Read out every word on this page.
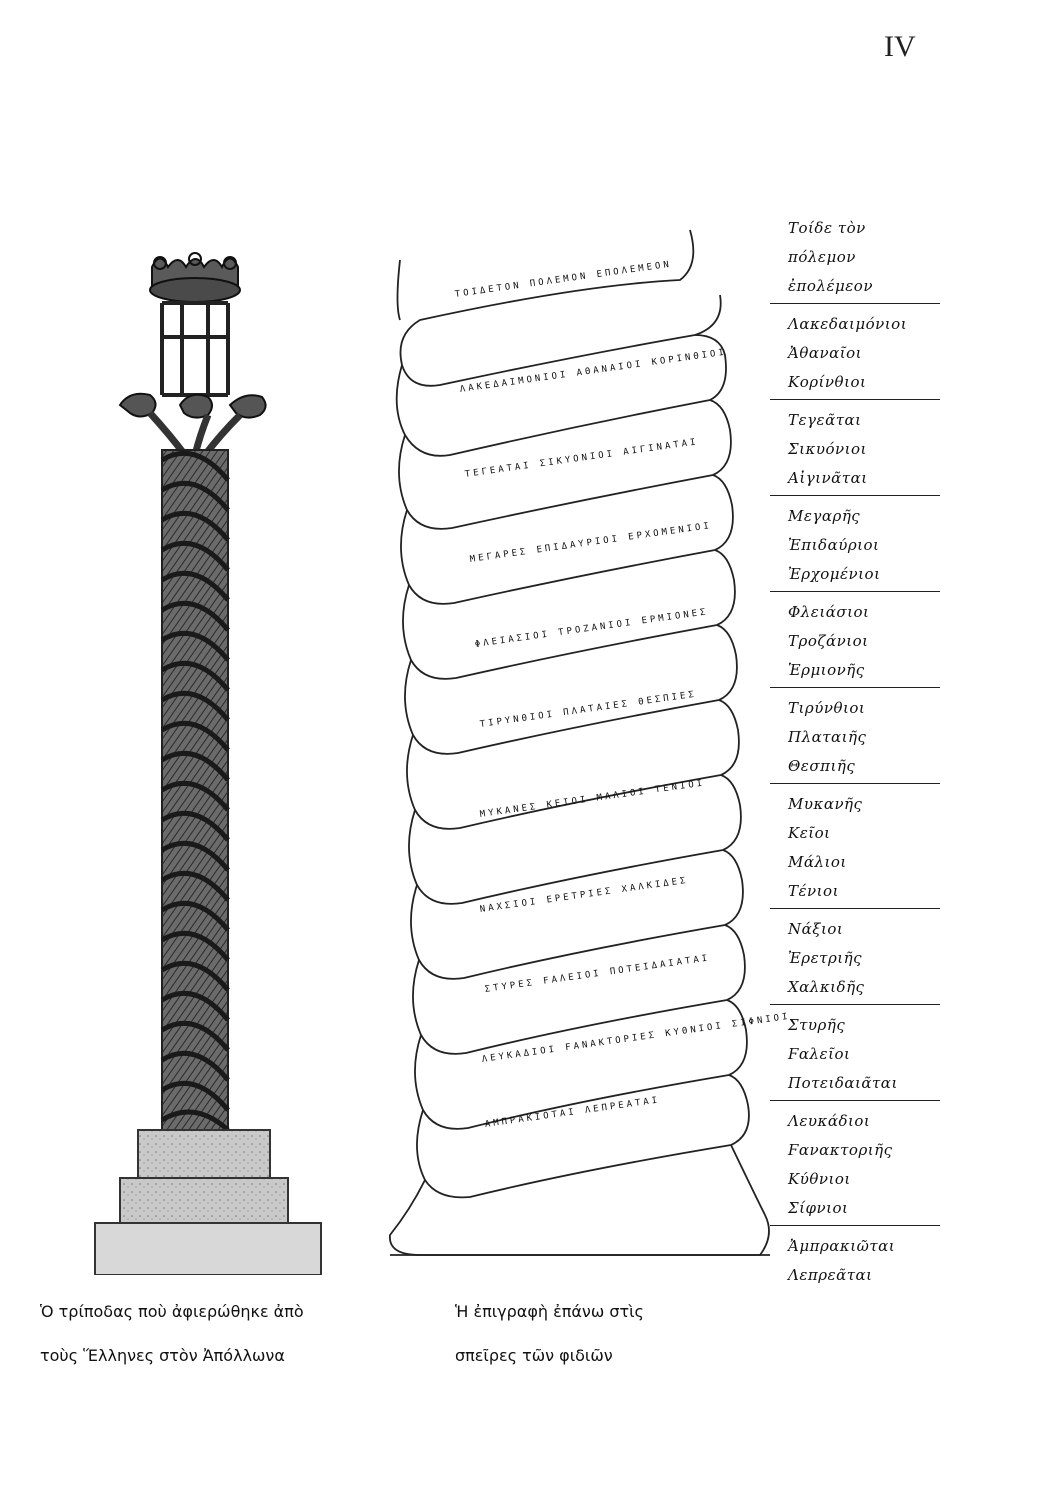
IV
ΤΟΙΔΕΤΟΝ ΠΟΛΕΜΟΝ ΕΠΟΛΕΜΕΟΝ
ΛΑΚΕΔΑΙΜΟΝΙΟΙ ΑΘΑΝΑΙΟΙ ΚΟΡΙΝΘΙΟΙ
ΤΕΓΕΑΤΑΙ ΣΙΚΥΟΝΙΟΙ ΑΙΓΙΝΑΤΑΙ
ΜΕΓΑΡΕΣ ΕΠΙΔΑΥΡΙΟΙ ΕΡΧΟΜΕΝΙΟΙ
ΦΛΕΙΑΣΙΟΙ ΤΡΟΖΑΝΙΟΙ ΕΡΜΙΟΝΕΣ
ΤΙΡΥΝΘΙΟΙ ΠΛΑΤΑΙΕΣ ΘΕΣΠΙΕΣ
ΜΥΚΑΝΕΣ ΚΕΙΟΙ ΜΑΛΙΟΙ ΤΕΝΙΟΙ
ΝΑΧΣΙΟΙ ΕΡΕΤΡΙΕΣ ΧΑΛΚΙΔΕΣ
ΣΤΥΡΕΣ ϜΑΛΕΙΟΙ ΠΟΤΕΙΔΑΙΑΤΑΙ
ΛΕΥΚΑΔΙΟΙ ϜΑΝΑΚΤΟΡΙΕΣ ΚΥΘΝΙΟΙ ΣΙΦΝΙΟΙ
ΑΜΠΡΑΚΙΟΤΑΙ ΛΕΠΡΕΑΤΑΙ
Τοίδε τὸν
πόλεμον
ἐπολέμεον
Λακεδαιμόνιοι
Ἀθαναῖοι
Κορίνθιοι
Τεγεᾶται
Σικυόνιοι
Αἰγινᾶται
Μεγαρῆς
Ἐπιδαύριοι
Ἐρχομένιοι
Φλειάσιοι
Τροζάνιοι
Ἑρμιονῆς
Τιρύνθιοι
Πλαταιῆς
Θεσπιῆς
Μυκανῆς
Κεῖοι
Μάλιοι
Τένιοι
Νάξιοι
Ἐρετριῆς
Χαλκιδῆς
Στυρῆς
Ϝαλεῖοι
Ποτειδαιᾶται
Λευκάδιοι
Ϝανακτοριῆς
Κύθνιοι
Σίφνιοι
Ἀμπρακιῶται
Λεπρεᾶται
Ὁ τρίποδας ποὺ ἀφιερώθηκε ἀπὸ
τοὺς Ἕλληνες στὸν Ἀπόλλωνα
Ἡ ἐπιγραφὴ ἐπάνω στὶς
σπεῖρες τῶν φιδιῶν
